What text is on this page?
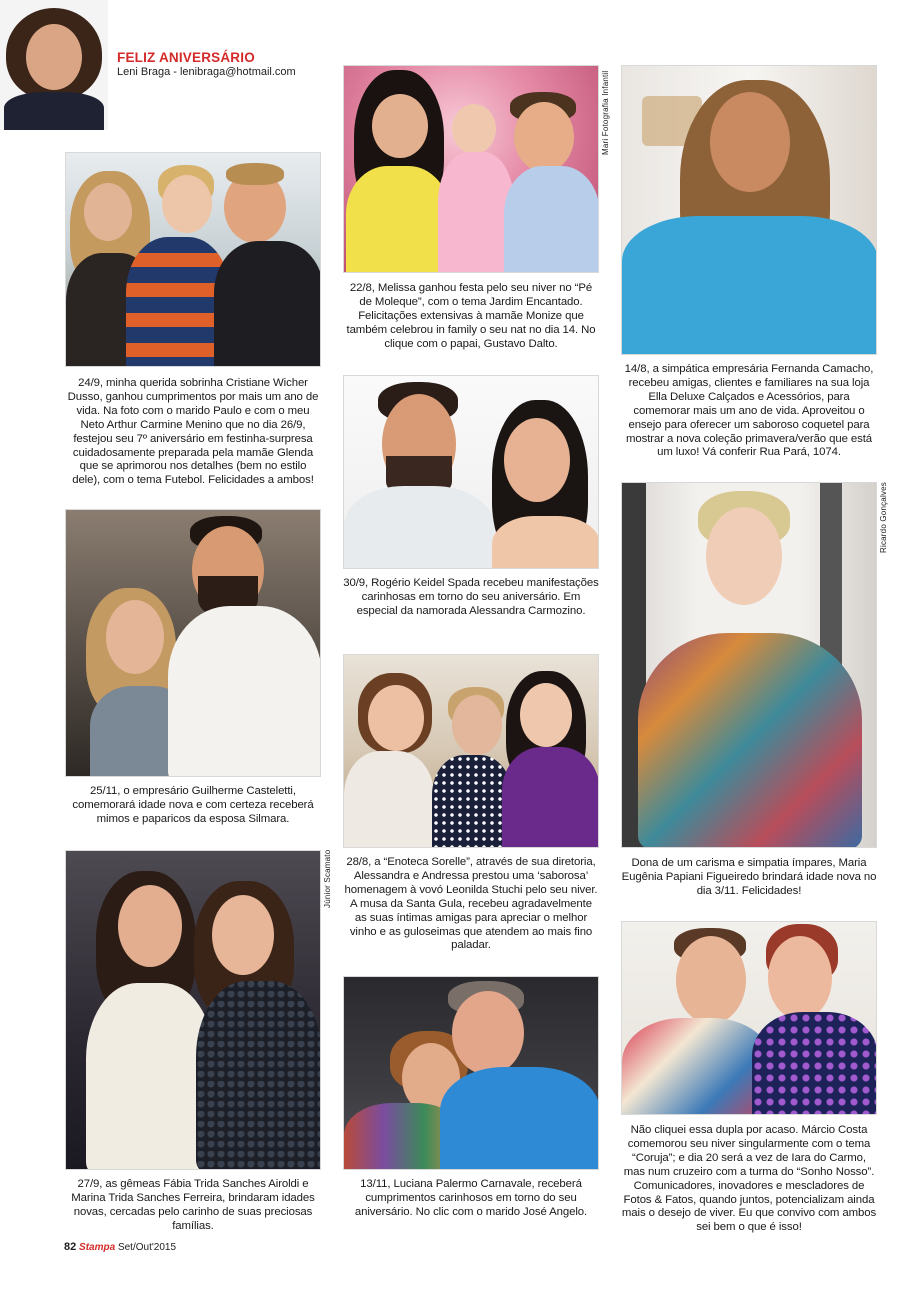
FELIZ ANIVERSÁRIO
Leni Braga - lenibraga@hotmail.com
24/9, minha querida sobrinha Cristiane Wicher Dusso, ganhou cumprimentos por mais um ano de vida. Na foto com o marido Paulo e com o meu Neto Arthur Carmine Menino que no dia 26/9, festejou seu 7º aniversário em festinha-surpresa cuidadosamente preparada pela mamãe Glenda que se aprimorou nos detalhes (bem no estilo dele), com o tema Futebol. Felicidades a ambos!
Mari Fotografia Infantil
22/8, Melissa ganhou festa pelo seu niver no “Pé de Moleque”, com o tema Jardim Encantado. Felicitações extensivas à mamãe Monize que também celebrou in family o seu nat no dia 14. No clique com o papai, Gustavo Dalto.
14/8, a simpática empresária Fernanda Camacho, recebeu amigas, clientes e familiares na sua loja Ella Deluxe Calçados e Acessórios, para comemorar mais um ano de vida. Aproveitou o ensejo para oferecer um saboroso coquetel para mostrar a nova coleção primavera/verão que está um luxo! Vá conferir Rua Pará, 1074.
30/9, Rogério Keidel Spada recebeu manifestações carinhosas em torno do seu aniversário. Em especial da namorada Alessandra Carmozino.
25/11, o empresário Guilherme Casteletti, comemorará idade nova e com certeza receberá mimos e paparicos da esposa Silmara.
28/8, a “Enoteca Sorelle”, através de sua diretoria, Alessandra e Andressa prestou uma ‘saborosa’ homenagem à vovó Leonilda Stuchi pelo seu niver. A musa da Santa Gula, recebeu agradavelmente as suas íntimas amigas para apreciar o melhor vinho e as guloseimas que atendem ao mais fino paladar.
Ricardo Gonçalves
Dona de um carisma e simpatia ímpares, Maria Eugênia Papiani Figueiredo brindará idade nova no dia 3/11. Felicidades!
Júnior Scamato
27/9, as gêmeas Fábia Trida Sanches Airoldi e Marina Trida Sanches Ferreira, brindaram idades novas, cercadas pelo carinho de suas preciosas famílias.
13/11, Luciana Palermo Carnavale, receberá cumprimentos carinhosos em torno do seu aniversário. No clic com o marido José Angelo.
Não cliquei essa dupla por acaso. Márcio Costa comemorou seu niver singularmente com o tema “Coruja”; e dia 20 será a vez de Iara do Carmo, mas num cruzeiro com a turma do “Sonho Nosso”. Comunicadores, inovadores e mescladores de Fotos & Fatos, quando juntos, potencializam ainda mais o desejo de viver. Eu que convivo com ambos sei bem o que é isso!
82 Stampa Set/Out'2015
